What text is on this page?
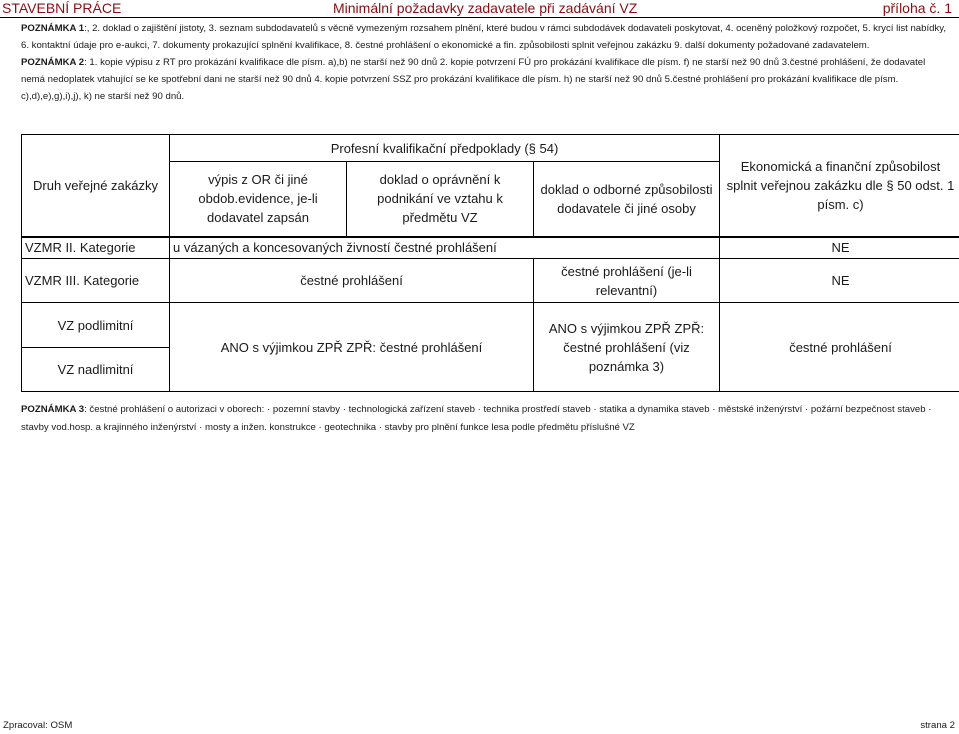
STAVEBNÍ PRÁCE	Minimální požadavky zadavatele při zadávání VZ	příloha č. 1

POZNÁMKA 1:, 2. doklad o zajištění jistoty, 3. seznam subdodavatelů s věcně vymezeným rozsahem plnění, které budou v rámci subdodávek dodavateli poskytovat, 4. oceněný položkový rozpočet, 5. krycí list nabídky, 6. kontaktní údaje pro e-aukci, 7. dokumenty prokazující splnění kvalifikace, 8. čestné prohlášení o ekonomické a fin. způsobilosti splnit veřejnou zakázku 9. další dokumenty požadované zadavatelem.

POZNÁMKA 2: 1. kopie výpisu z RT pro prokázání kvalifikace dle písm. a),b) ne starší než 90 dnů 2. kopie potvrzení FÚ pro prokázání kvalifikace dle písm. f) ne starší než 90 dnů 3.čestné prohlášení, že dodavatel nemá nedoplatek vtahující se ke spotřební dani ne starší než 90 dnů 4. kopie potvrzení SSZ pro prokázání kvalifikace dle písm. h) ne starší než 90 dnů 5.čestné prohlášení pro prokázání kvalifikace dle písm. c),d),e),g),i),j), k) ne starší než 90 dnů.

Druh veřejné zakázky	Profesní kvalifikační předpoklady (§ 54)			Ekonomická a finanční způsobilost splnit veřejnou zakázku dle § 50 odst. 1 písm. c)
	výpis z OR či jiné obdob.evidence, je-li dodavatel zapsán	doklad o oprávnění k podnikání ve vztahu k předmětu VZ	doklad o odborné způsobilosti dodavatele či jiné osoby	
VZMR II. Kategorie	u vázaných a koncesovaných živností čestné prohlášení			NE
VZMR III. Kategorie	čestné prohlášení		čestné prohlášení (je-li relevantní)	NE
VZ podlimitní	ANO s výjimkou ZPŘ ZPŘ: čestné prohlášení		ANO s výjimkou ZPŘ ZPŘ: čestné prohlášení (viz poznámka 3)	čestné prohlášení
VZ nadlimitní				
POZNÁMKA 3: čestné prohlášení o autorizaci v oborech: · pozemní stavby · technologická zařízení staveb · technika prostředí staveb · statika a dynamika staveb · městské inženýrství · požární bezpečnost staveb · stavby vod.hosp. a krajinného inženýrství · mosty a inžen. konstrukce · geotechnika · stavby pro plnění funkce lesa podle předmětu příslušné VZ
Zpracoval: OSM	strana 2
